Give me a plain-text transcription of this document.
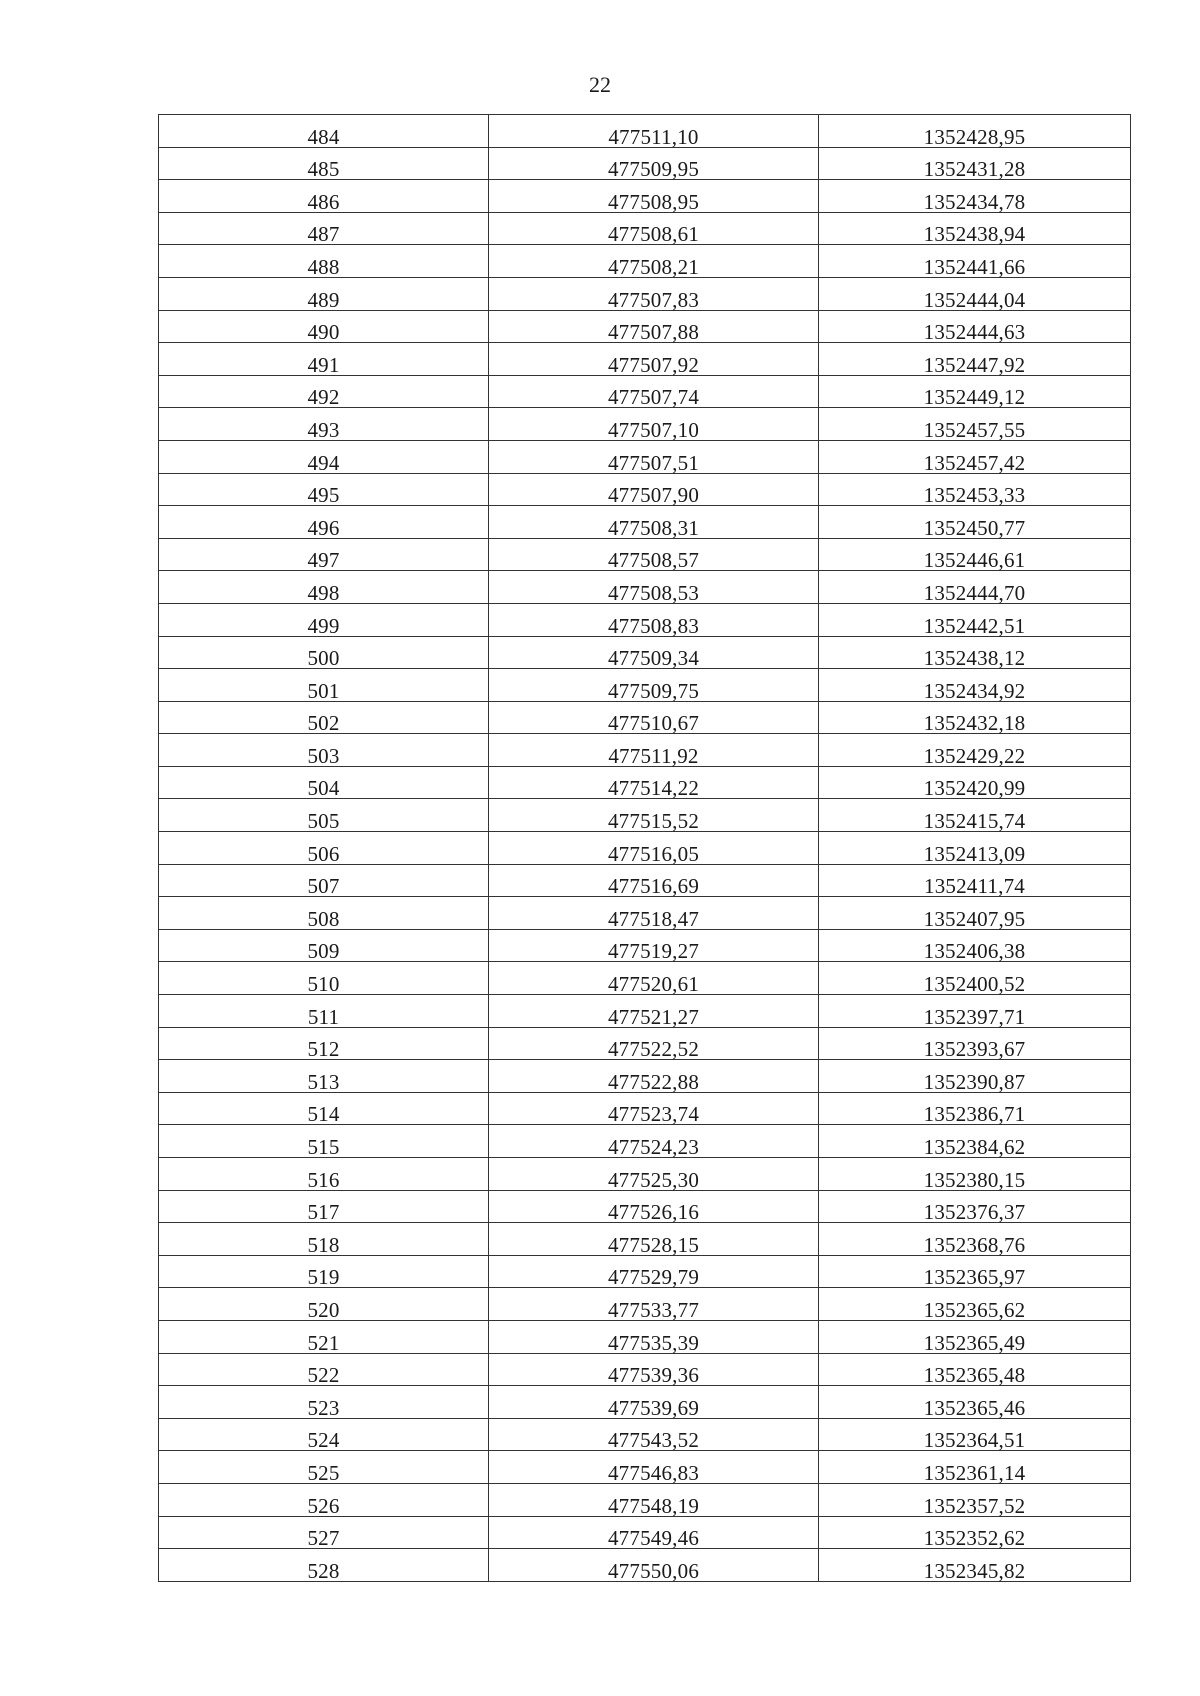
22
484	477511,10	1352428,95
485	477509,95	1352431,28
486	477508,95	1352434,78
487	477508,61	1352438,94
488	477508,21	1352441,66
489	477507,83	1352444,04
490	477507,88	1352444,63
491	477507,92	1352447,92
492	477507,74	1352449,12
493	477507,10	1352457,55
494	477507,51	1352457,42
495	477507,90	1352453,33
496	477508,31	1352450,77
497	477508,57	1352446,61
498	477508,53	1352444,70
499	477508,83	1352442,51
500	477509,34	1352438,12
501	477509,75	1352434,92
502	477510,67	1352432,18
503	477511,92	1352429,22
504	477514,22	1352420,99
505	477515,52	1352415,74
506	477516,05	1352413,09
507	477516,69	1352411,74
508	477518,47	1352407,95
509	477519,27	1352406,38
510	477520,61	1352400,52
511	477521,27	1352397,71
512	477522,52	1352393,67
513	477522,88	1352390,87
514	477523,74	1352386,71
515	477524,23	1352384,62
516	477525,30	1352380,15
517	477526,16	1352376,37
518	477528,15	1352368,76
519	477529,79	1352365,97
520	477533,77	1352365,62
521	477535,39	1352365,49
522	477539,36	1352365,48
523	477539,69	1352365,46
524	477543,52	1352364,51
525	477546,83	1352361,14
526	477548,19	1352357,52
527	477549,46	1352352,62
528	477550,06	1352345,82
